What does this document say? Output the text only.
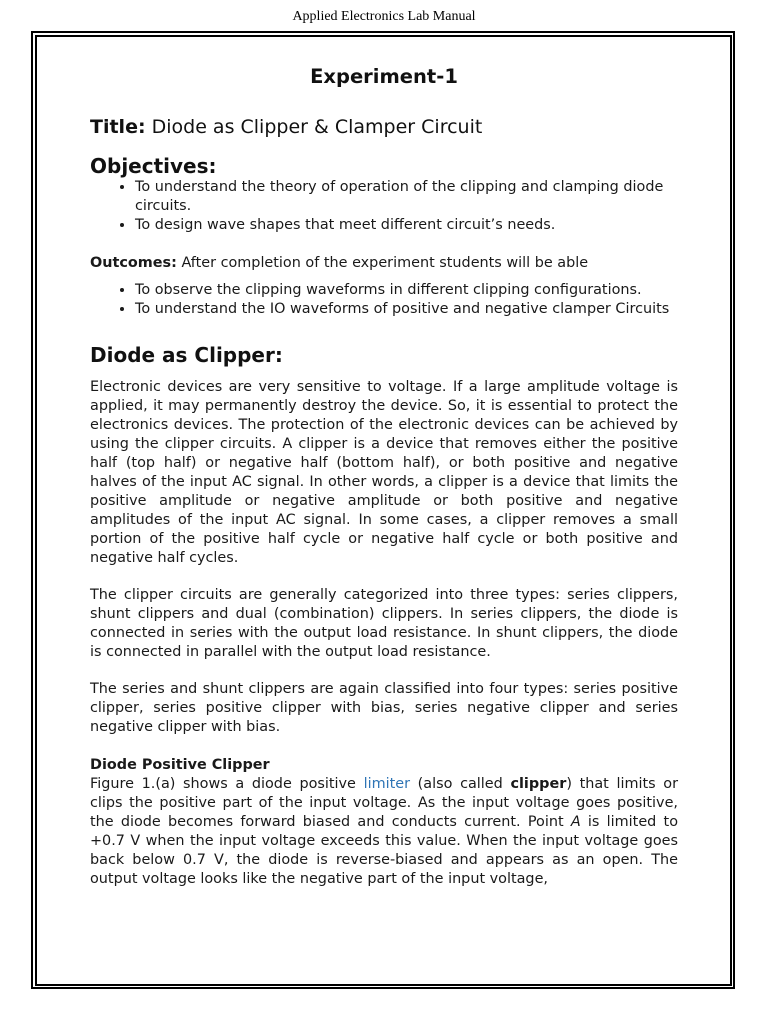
Applied Electronics Lab Manual
Experiment-1
Title: Diode as Clipper & Clamper Circuit
Objectives:
• To understand the theory of operation of the clipping and clamping diode circuits.
• To design wave shapes that meet different circuit’s needs.

Outcomes: After completion of the experiment students will be able

• To observe the clipping waveforms in different clipping configurations.
• To understand the IO waveforms of positive and negative clamper Circuits
Diode as Clipper:

Electronic devices are very sensitive to voltage. If a large amplitude voltage is applied, it may permanently destroy the device. So, it is essential to protect the electronics devices. The protection of the electronic devices can be achieved by using the clipper circuits. A clipper is a device that removes either the positive half (top half) or negative half (bottom half), or both positive and negative halves of the input AC signal. In other words, a clipper is a device that limits the positive amplitude or negative amplitude or both positive and negative amplitudes of the input AC signal. In some cases, a clipper removes a small portion of the positive half cycle or negative half cycle or both positive and negative half cycles.

The clipper circuits are generally categorized into three types: series clippers, shunt clippers and dual (combination) clippers. In series clippers, the diode is connected in series with the output load resistance. In shunt clippers, the diode is connected in parallel with the output load resistance.

The series and shunt clippers are again classified into four types: series positive clipper, series positive clipper with bias, series negative clipper and series negative clipper with bias.

Diode Positive Clipper

Figure 1.(a) shows a diode positive limiter (also called clipper) that limits or clips the positive part of the input voltage. As the input voltage goes positive, the diode becomes forward biased and conducts current. Point A is limited to +0.7 V when the input voltage exceeds this value. When the input voltage goes back below 0.7 V, the diode is reverse-biased and appears as an open. The output voltage looks like the negative part of the input voltage,
